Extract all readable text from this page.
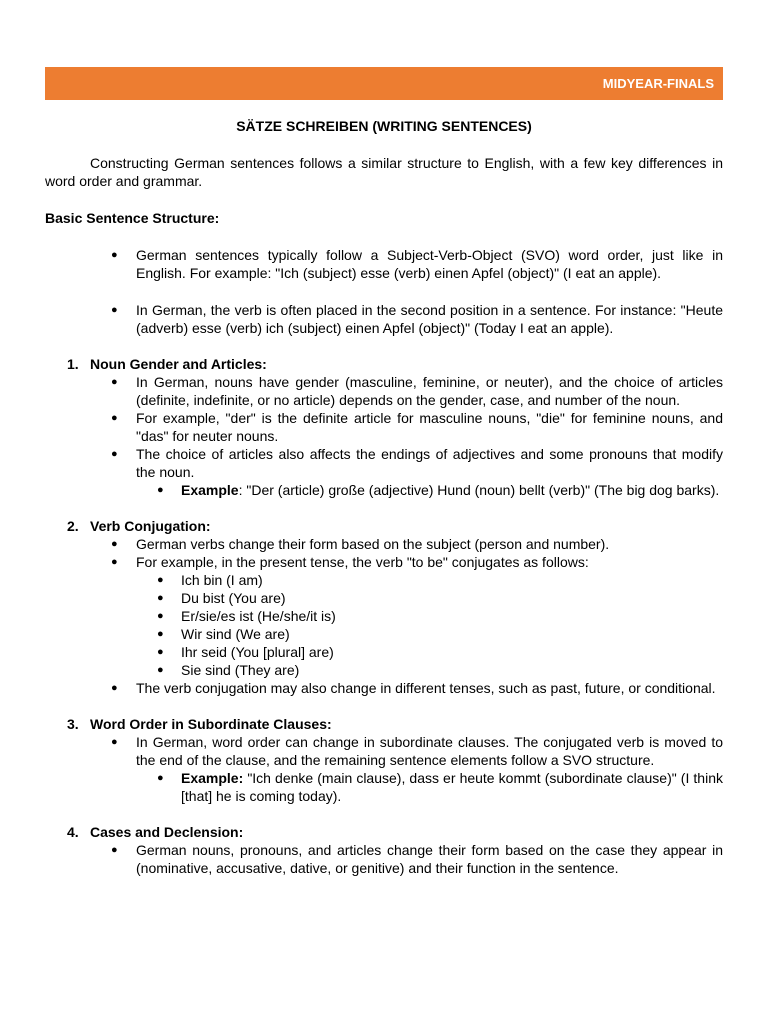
MIDYEAR-FINALS

SÄTZE SCHREIBEN (WRITING SENTENCES)

Constructing German sentences follows a similar structure to English, with a few key differences in word order and grammar.

Basic Sentence Structure:

● German sentences typically follow a Subject-Verb-Object (SVO) word order, just like in English. For example: "Ich (subject) esse (verb) einen Apfel (object)" (I eat an apple).
● In German, the verb is often placed in the second position in a sentence. For instance: "Heute (adverb) esse (verb) ich (subject) einen Apfel (object)" (Today I eat an apple).
1. Noun Gender and Articles:
● In German, nouns have gender (masculine, feminine, or neuter), and the choice of articles (definite, indefinite, or no article) depends on the gender, case, and number of the noun.
● For example, "der" is the definite article for masculine nouns, "die" for feminine nouns, and "das" for neuter nouns.
● The choice of articles also affects the endings of adjectives and some pronouns that modify the noun.
● Example: "Der (article) große (adjective) Hund (noun) bellt (verb)" (The big dog barks).
2. Verb Conjugation:
● German verbs change their form based on the subject (person and number).
● For example, in the present tense, the verb "to be" conjugates as follows:
● Ich bin (I am)
● Du bist (You are)
● Er/sie/es ist (He/she/it is)
● Wir sind (We are)
● Ihr seid (You [plural] are)
● Sie sind (They are)
● The verb conjugation may also change in different tenses, such as past, future, or conditional.
3. Word Order in Subordinate Clauses:
● In German, word order can change in subordinate clauses. The conjugated verb is moved to the end of the clause, and the remaining sentence elements follow a SVO structure.
● Example: "Ich denke (main clause), dass er heute kommt (subordinate clause)" (I think [that] he is coming today).
4. Cases and Declension:
● German nouns, pronouns, and articles change their form based on the case they appear in (nominative, accusative, dative, or genitive) and their function in the sentence.
